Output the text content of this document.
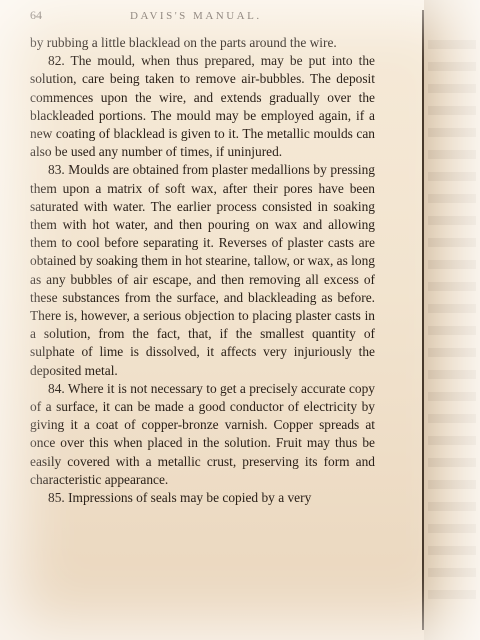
64	DAVIS'S MANUAL.

by rubbing a little blacklead on the parts around the wire.

82. The mould, when thus prepared, may be put into the solution, care being taken to remove air-bubbles. The deposit commences upon the wire, and extends gradually over the blackleaded portions. The mould may be employed again, if a new coating of blacklead is given to it. The metallic moulds can also be used any number of times, if uninjured.

83. Moulds are obtained from plaster medallions by pressing them upon a matrix of soft wax, after their pores have been saturated with water. The earlier process consisted in soaking them with hot water, and then pouring on wax and allowing them to cool before separating it. Reverses of plaster casts are obtained by soaking them in hot stearine, tallow, or wax, as long as any bubbles of air escape, and then removing all excess of these substances from the surface, and blackleading as before. There is, however, a serious objection to placing plaster casts in a solution, from the fact, that, if the smallest quantity of sulphate of lime is dissolved, it affects very injuriously the deposited metal.

84. Where it is not necessary to get a precisely accurate copy of a surface, it can be made a good conductor of electricity by giving it a coat of copper-bronze varnish. Copper spreads at once over this when placed in the solution. Fruit may thus be easily covered with a metallic crust, preserving its form and characteristic appearance.

85. Impressions of seals may be copied by a very
